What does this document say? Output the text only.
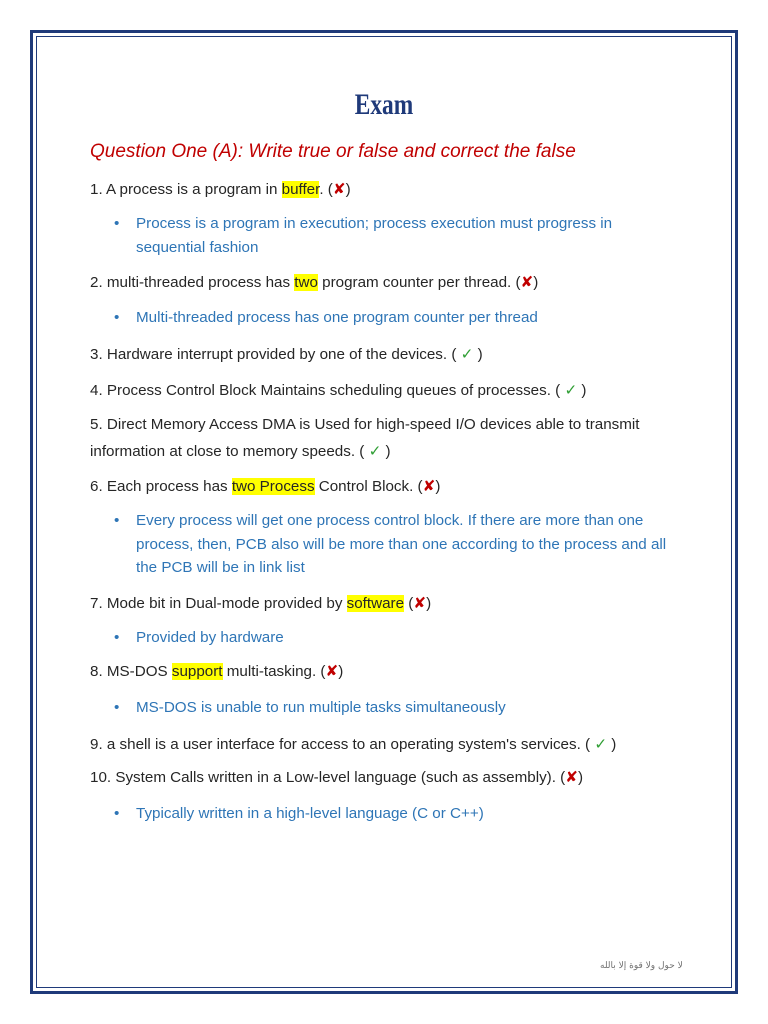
Exam
Question One (A): Write true or false and correct the false
1. A process is a program in buffer. (✘)
• Process is a program in execution; process execution must progress in sequential fashion
2. multi-threaded process has two program counter per thread. (✘)
• Multi-threaded process has one program counter per thread
3. Hardware interrupt provided by one of the devices. ( ✓ )
4. Process Control Block Maintains scheduling queues of processes. ( ✓ )
5. Direct Memory Access DMA is Used for high-speed I/O devices able to transmit
information at close to memory speeds. ( ✓ )
6. Each process has two Process Control Block. (✘)
• Every process will get one process control block. If there are more than one process, then, PCB also will be more than one according to the process and all the PCB will be in link list
7. Mode bit in Dual-mode provided by software (✘)
• Provided by hardware
8. MS-DOS support multi-tasking. (✘)
• MS-DOS is unable to run multiple tasks simultaneously
9. a shell is a user interface for access to an operating system's services. ( ✓ )
10. System Calls written in a Low-level language (such as assembly). (✘)
• Typically written in a high-level language (C or C++)
لا حول ولا قوة إلا بالله
